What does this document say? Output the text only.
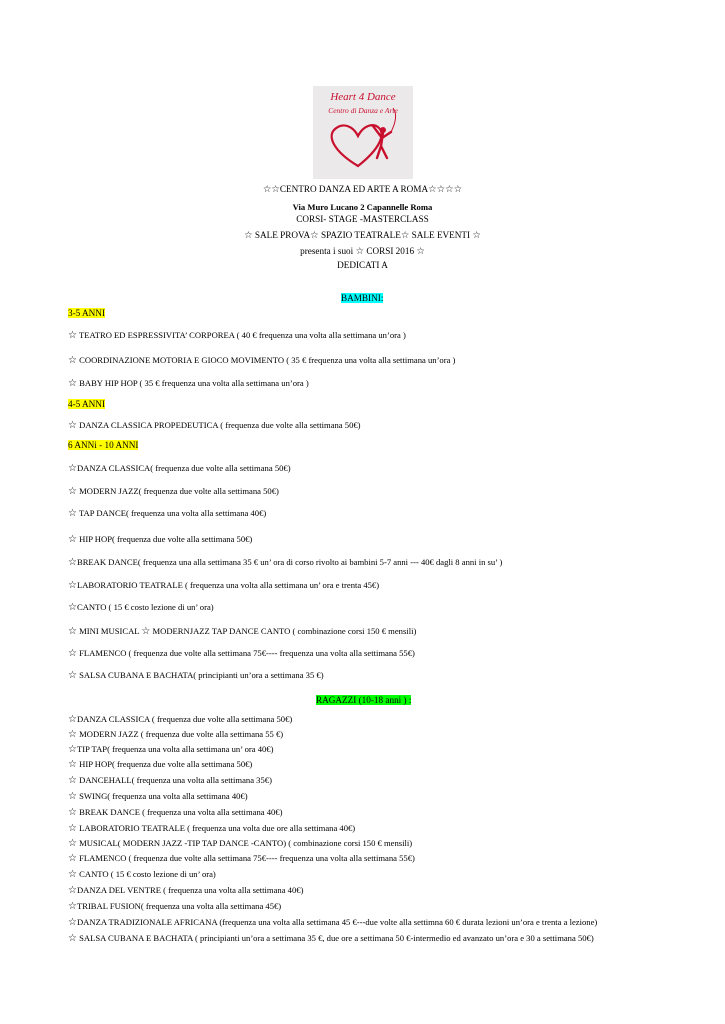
Heart 4 Dance
Centro di Danza e Arte
☆☆CENTRO DANZA ED ARTE A ROMA☆☆☆☆
Via Muro Lucano 2 Capannelle Roma
CORSI- STAGE -MASTERCLASS
☆ SALE PROVA☆ SPAZIO TEATRALE☆ SALE EVENTI ☆
presenta i suoi ☆ CORSI 2016 ☆
DEDICATI A
BAMBINI:
3-5 ANNI
☆ TEATRO ED ESPRESSIVITA’ CORPOREA ( 40 € frequenza una volta alla settimana un’ora )
☆ COORDINAZIONE MOTORIA E GIOCO MOVIMENTO ( 35 € frequenza una volta alla settimana un’ora )
☆ BABY HIP HOP ( 35 € frequenza una volta alla settimana un’ora )
4-5 ANNI
☆ DANZA CLASSICA PROPEDEUTICA ( frequenza due volte alla settimana 50€)
6 ANNi - 10 ANNI
☆DANZA CLASSICA( frequenza due volte alla settimana 50€)
☆ MODERN JAZZ( frequenza due volte alla settimana 50€)
☆ TAP DANCE( frequenza una volta alla settimana 40€)
☆ HIP HOP( frequenza due volte alla settimana 50€)
☆BREAK DANCE( frequenza una alla settimana 35 € un’ ora di corso rivolto ai bambini 5-7 anni --- 40€ dagli 8 anni in su’ )
☆LABORATORIO TEATRALE ( frequenza una volta alla settimana un’ ora e trenta 45€)
☆CANTO ( 15 € costo lezione di un’ ora)
☆ MINI MUSICAL ☆ MODERNJAZZ TAP DANCE CANTO ( combinazione corsi 150 € mensili)
☆ FLAMENCO ( frequenza due volte alla settimana 75€---- frequenza una volta alla settimana 55€)
☆ SALSA CUBANA E BACHATA( principianti un’ora a settimana 35 €)
RAGAZZI (10-18 anni ) :
☆DANZA CLASSICA ( frequenza due volte alla settimana 50€)
☆ MODERN JAZZ ( frequenza due volte alla settimana 55 €)
☆TIP TAP( frequenza una volta alla settimana un’ ora 40€)
☆ HIP HOP( frequenza due volte alla settimana 50€)
☆ DANCEHALL( frequenza una volta alla settimana 35€)
☆ SWING( frequenza una volta alla settimana 40€)
☆ BREAK DANCE ( frequenza una volta alla settimana 40€)
☆ LABORATORIO TEATRALE ( frequenza una volta due ore alla settimana 40€)
☆ MUSICAL( MODERN JAZZ -TIP TAP DANCE -CANTO) ( combinazione corsi 150 € mensili)
☆ FLAMENCO ( frequenza due volte alla settimana 75€---- frequenza una volta alla settimana 55€)
☆ CANTO ( 15 € costo lezione di un’ ora)
☆DANZA DEL VENTRE ( frequenza una volta alla settimana 40€)
☆TRIBAL FUSION( frequenza una volta alla settimana 45€)
☆DANZA TRADIZIONALE AFRICANA (frequenza una volta alla settimana 45 €---due volte alla settimna 60 € durata lezioni un’ora e trenta a lezione)
☆ SALSA CUBANA E BACHATA ( principianti un’ora a settimana 35 €, due ore a settimana 50 €-intermedio ed avanzato un’ora e 30 a settimana 50€)
